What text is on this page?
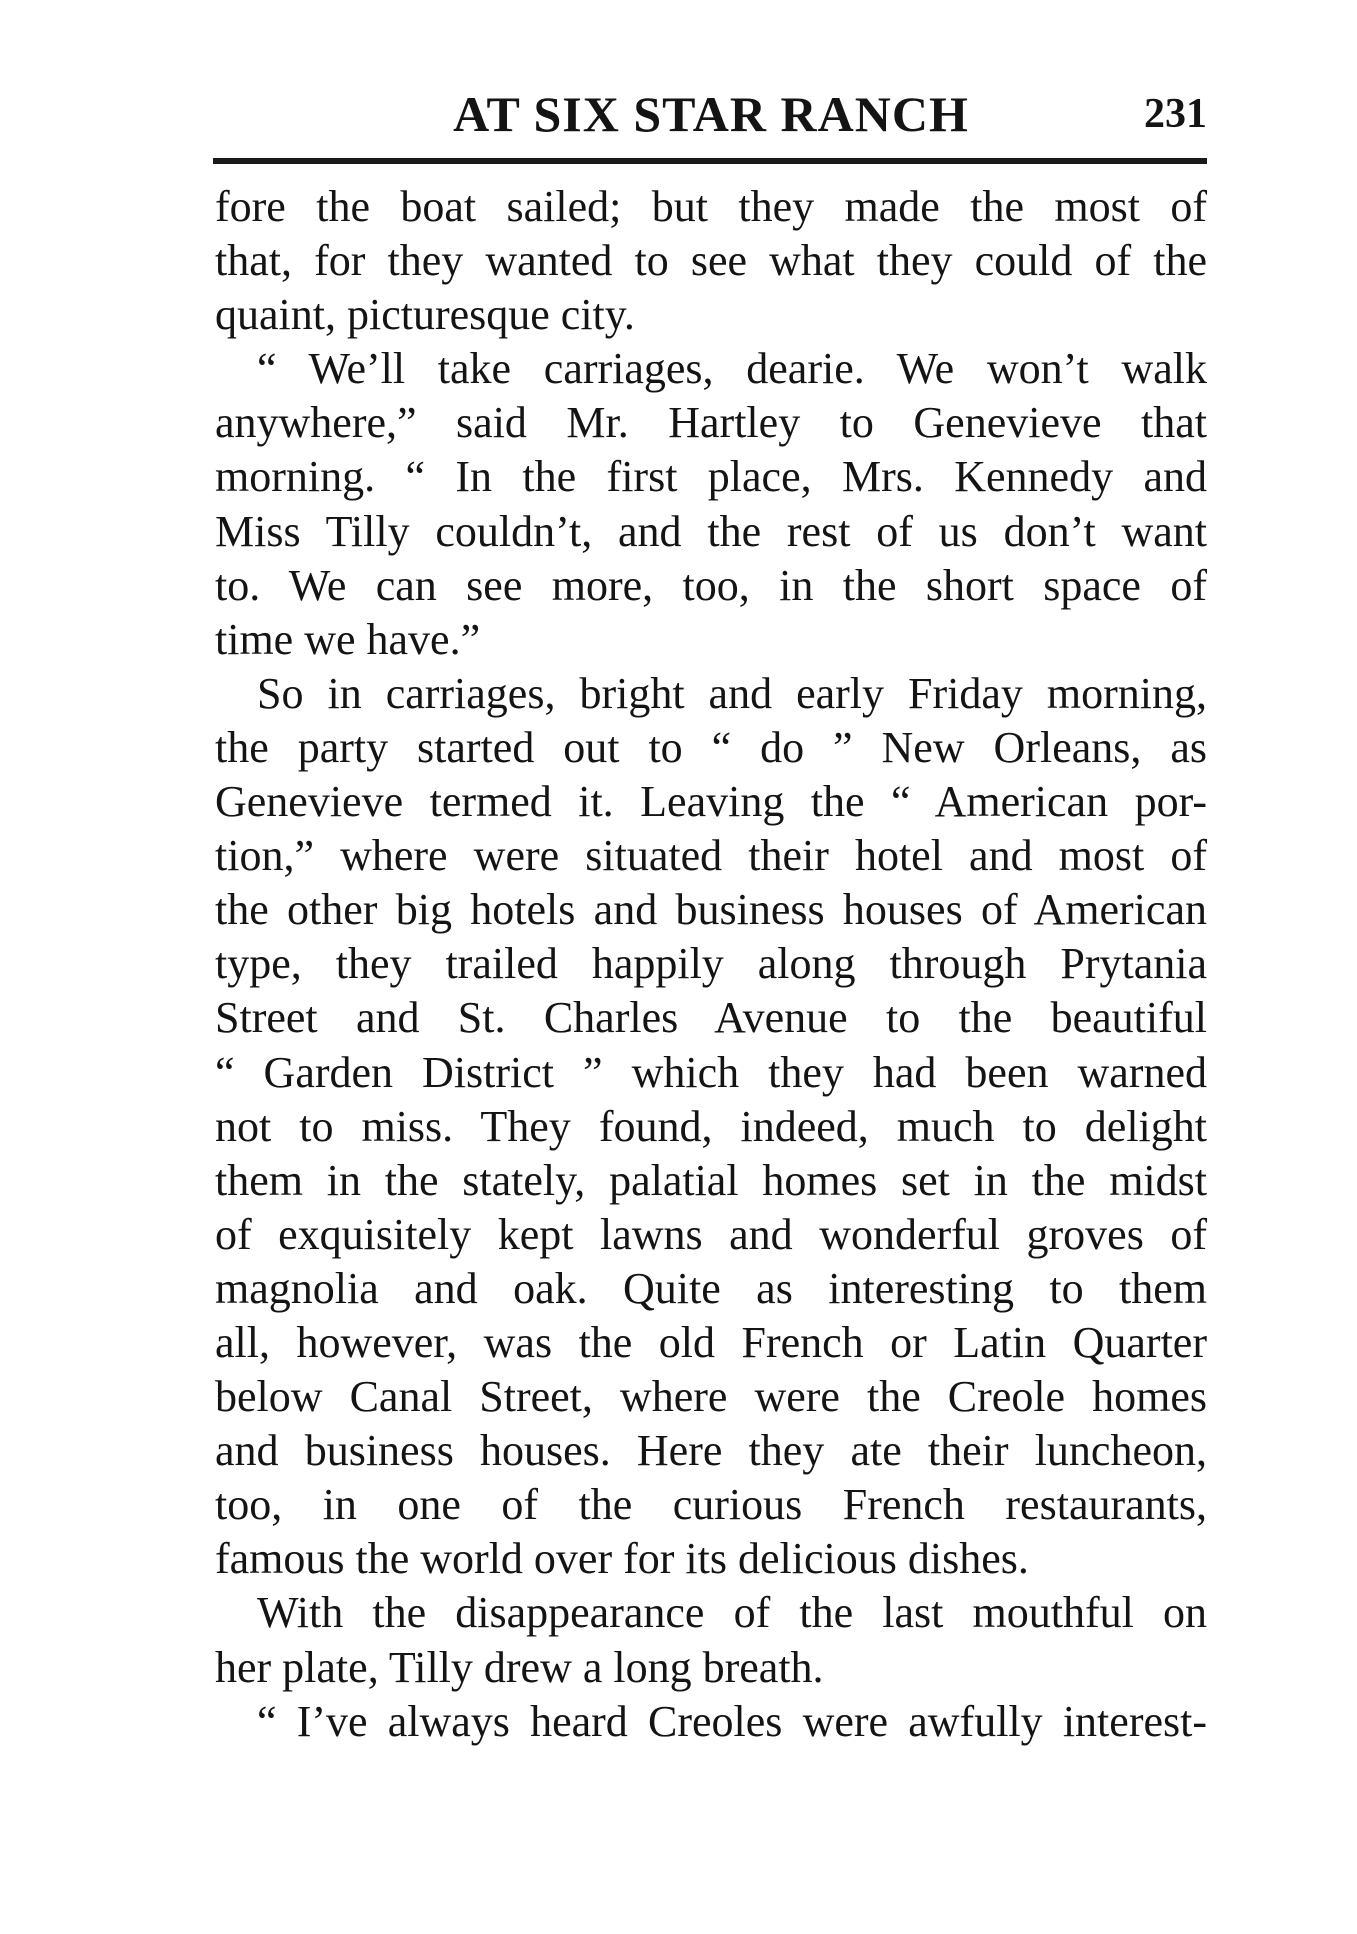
AT SIX STAR RANCH	231
fore the boat sailed; but they made the most of
that, for they wanted to see what they could of the
quaint, picturesque city.
“ We’ll take carriages, dearie. We won’t walk
anywhere,” said Mr. Hartley to Genevieve that
morning. “ In the first place, Mrs. Kennedy and
Miss Tilly couldn’t, and the rest of us don’t want
to. We can see more, too, in the short space of
time we have.”
So in carriages, bright and early Friday morning,
the party started out to “ do ” New Orleans, as
Genevieve termed it. Leaving the “ American por-
tion,” where were situated their hotel and most of
the other big hotels and business houses of American
type, they trailed happily along through Prytania
Street and St. Charles Avenue to the beautiful
“ Garden District ” which they had been warned
not to miss. They found, indeed, much to delight
them in the stately, palatial homes set in the midst
of exquisitely kept lawns and wonderful groves of
magnolia and oak. Quite as interesting to them
all, however, was the old French or Latin Quarter
below Canal Street, where were the Creole homes
and business houses. Here they ate their luncheon,
too, in one of the curious French restaurants,
famous the world over for its delicious dishes.
With the disappearance of the last mouthful on
her plate, Tilly drew a long breath.
“ I’ve always heard Creoles were awfully interest-
